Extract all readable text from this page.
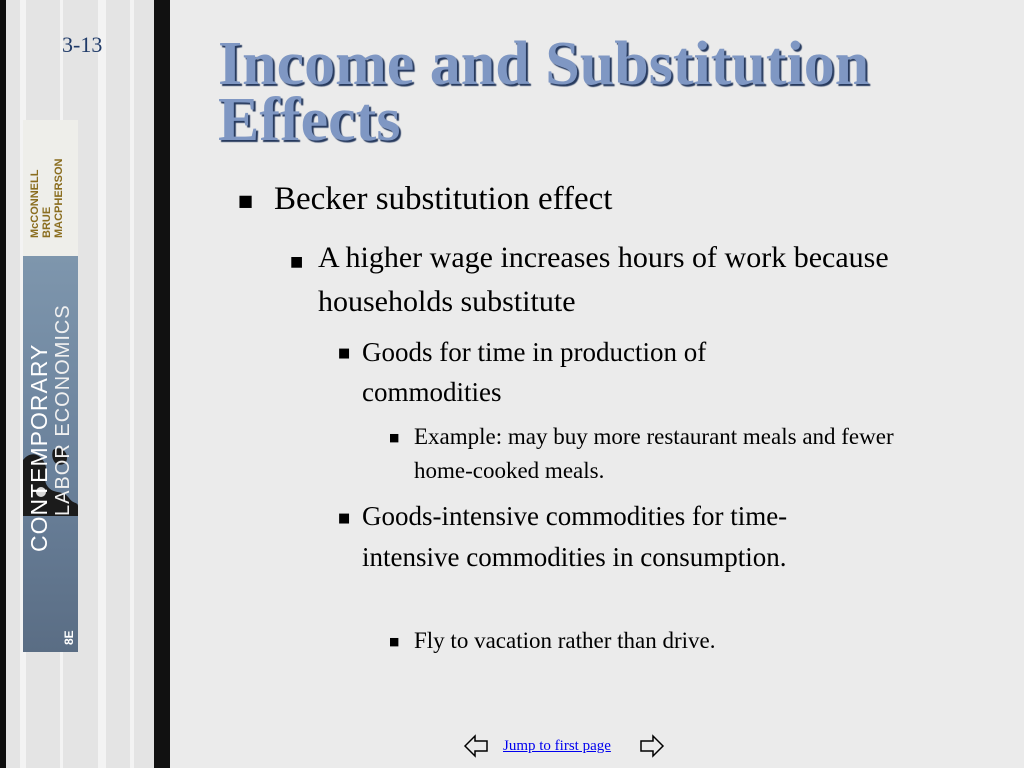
3-13
McCONNELL BRUE MACPHERSON
CONTEMPORARY LABOR ECONOMICS
8E
Income and Substitution Effects
■ Becker substitution effect
■ A higher wage increases hours of work because households substitute
■ Goods for time in production of commodities
■ Example: may buy more restaurant meals and fewer home-cooked meals.
■ Goods-intensive commodities for time-intensive commodities in consumption.
■ Fly to vacation rather than drive.
Jump to first page
